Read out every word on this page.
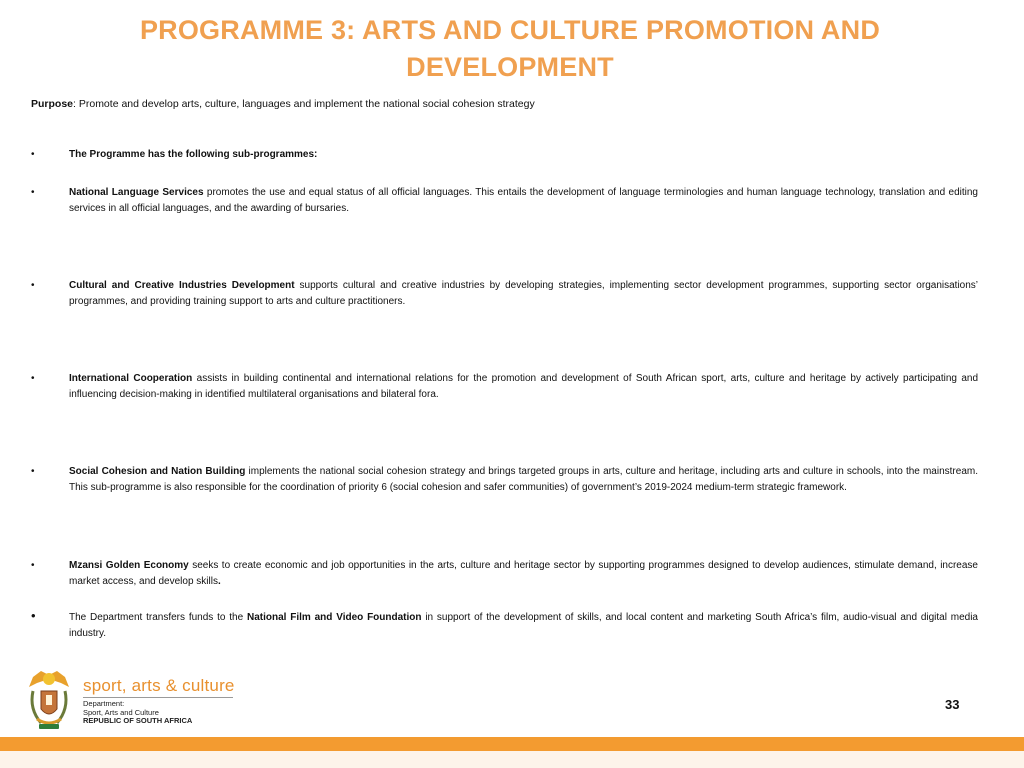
PROGRAMME 3: ARTS AND CULTURE PROMOTION AND DEVELOPMENT
Purpose: Promote and develop arts, culture, languages and implement the national social cohesion strategy
•	The Programme has the following sub-programmes:
•	National Language Services promotes the use and equal status of all official languages. This entails the development of language terminologies and human language technology, translation and editing services in all official languages, and the awarding of bursaries.
•	Cultural and Creative Industries Development supports cultural and creative industries by developing strategies, implementing sector development programmes, supporting sector organisations’ programmes, and providing training support to arts and culture practitioners.
•	International Cooperation assists in building continental and international relations for the promotion and development of South African sport, arts, culture and heritage by actively participating and influencing decision-making in identified multilateral organisations and bilateral fora.
•	Social Cohesion and Nation Building implements the national social cohesion strategy and brings targeted groups in arts, culture and heritage, including arts and culture in schools, into the mainstream. This sub-programme is also responsible for the coordination of priority 6 (social cohesion and safer communities) of government’s 2019-2024 medium-term strategic framework.
•	Mzansi Golden Economy seeks to create economic and job opportunities in the arts, culture and heritage sector by supporting programmes designed to develop audiences, stimulate demand, increase market access, and develop skills.
•	The Department transfers funds to the National Film and Video Foundation in support of the development of skills, and local content and marketing South Africa’s film, audio-visual and digital media industry.
sport, arts & culture
Department:
Sport, Arts and Culture
REPUBLIC OF SOUTH AFRICA
33
